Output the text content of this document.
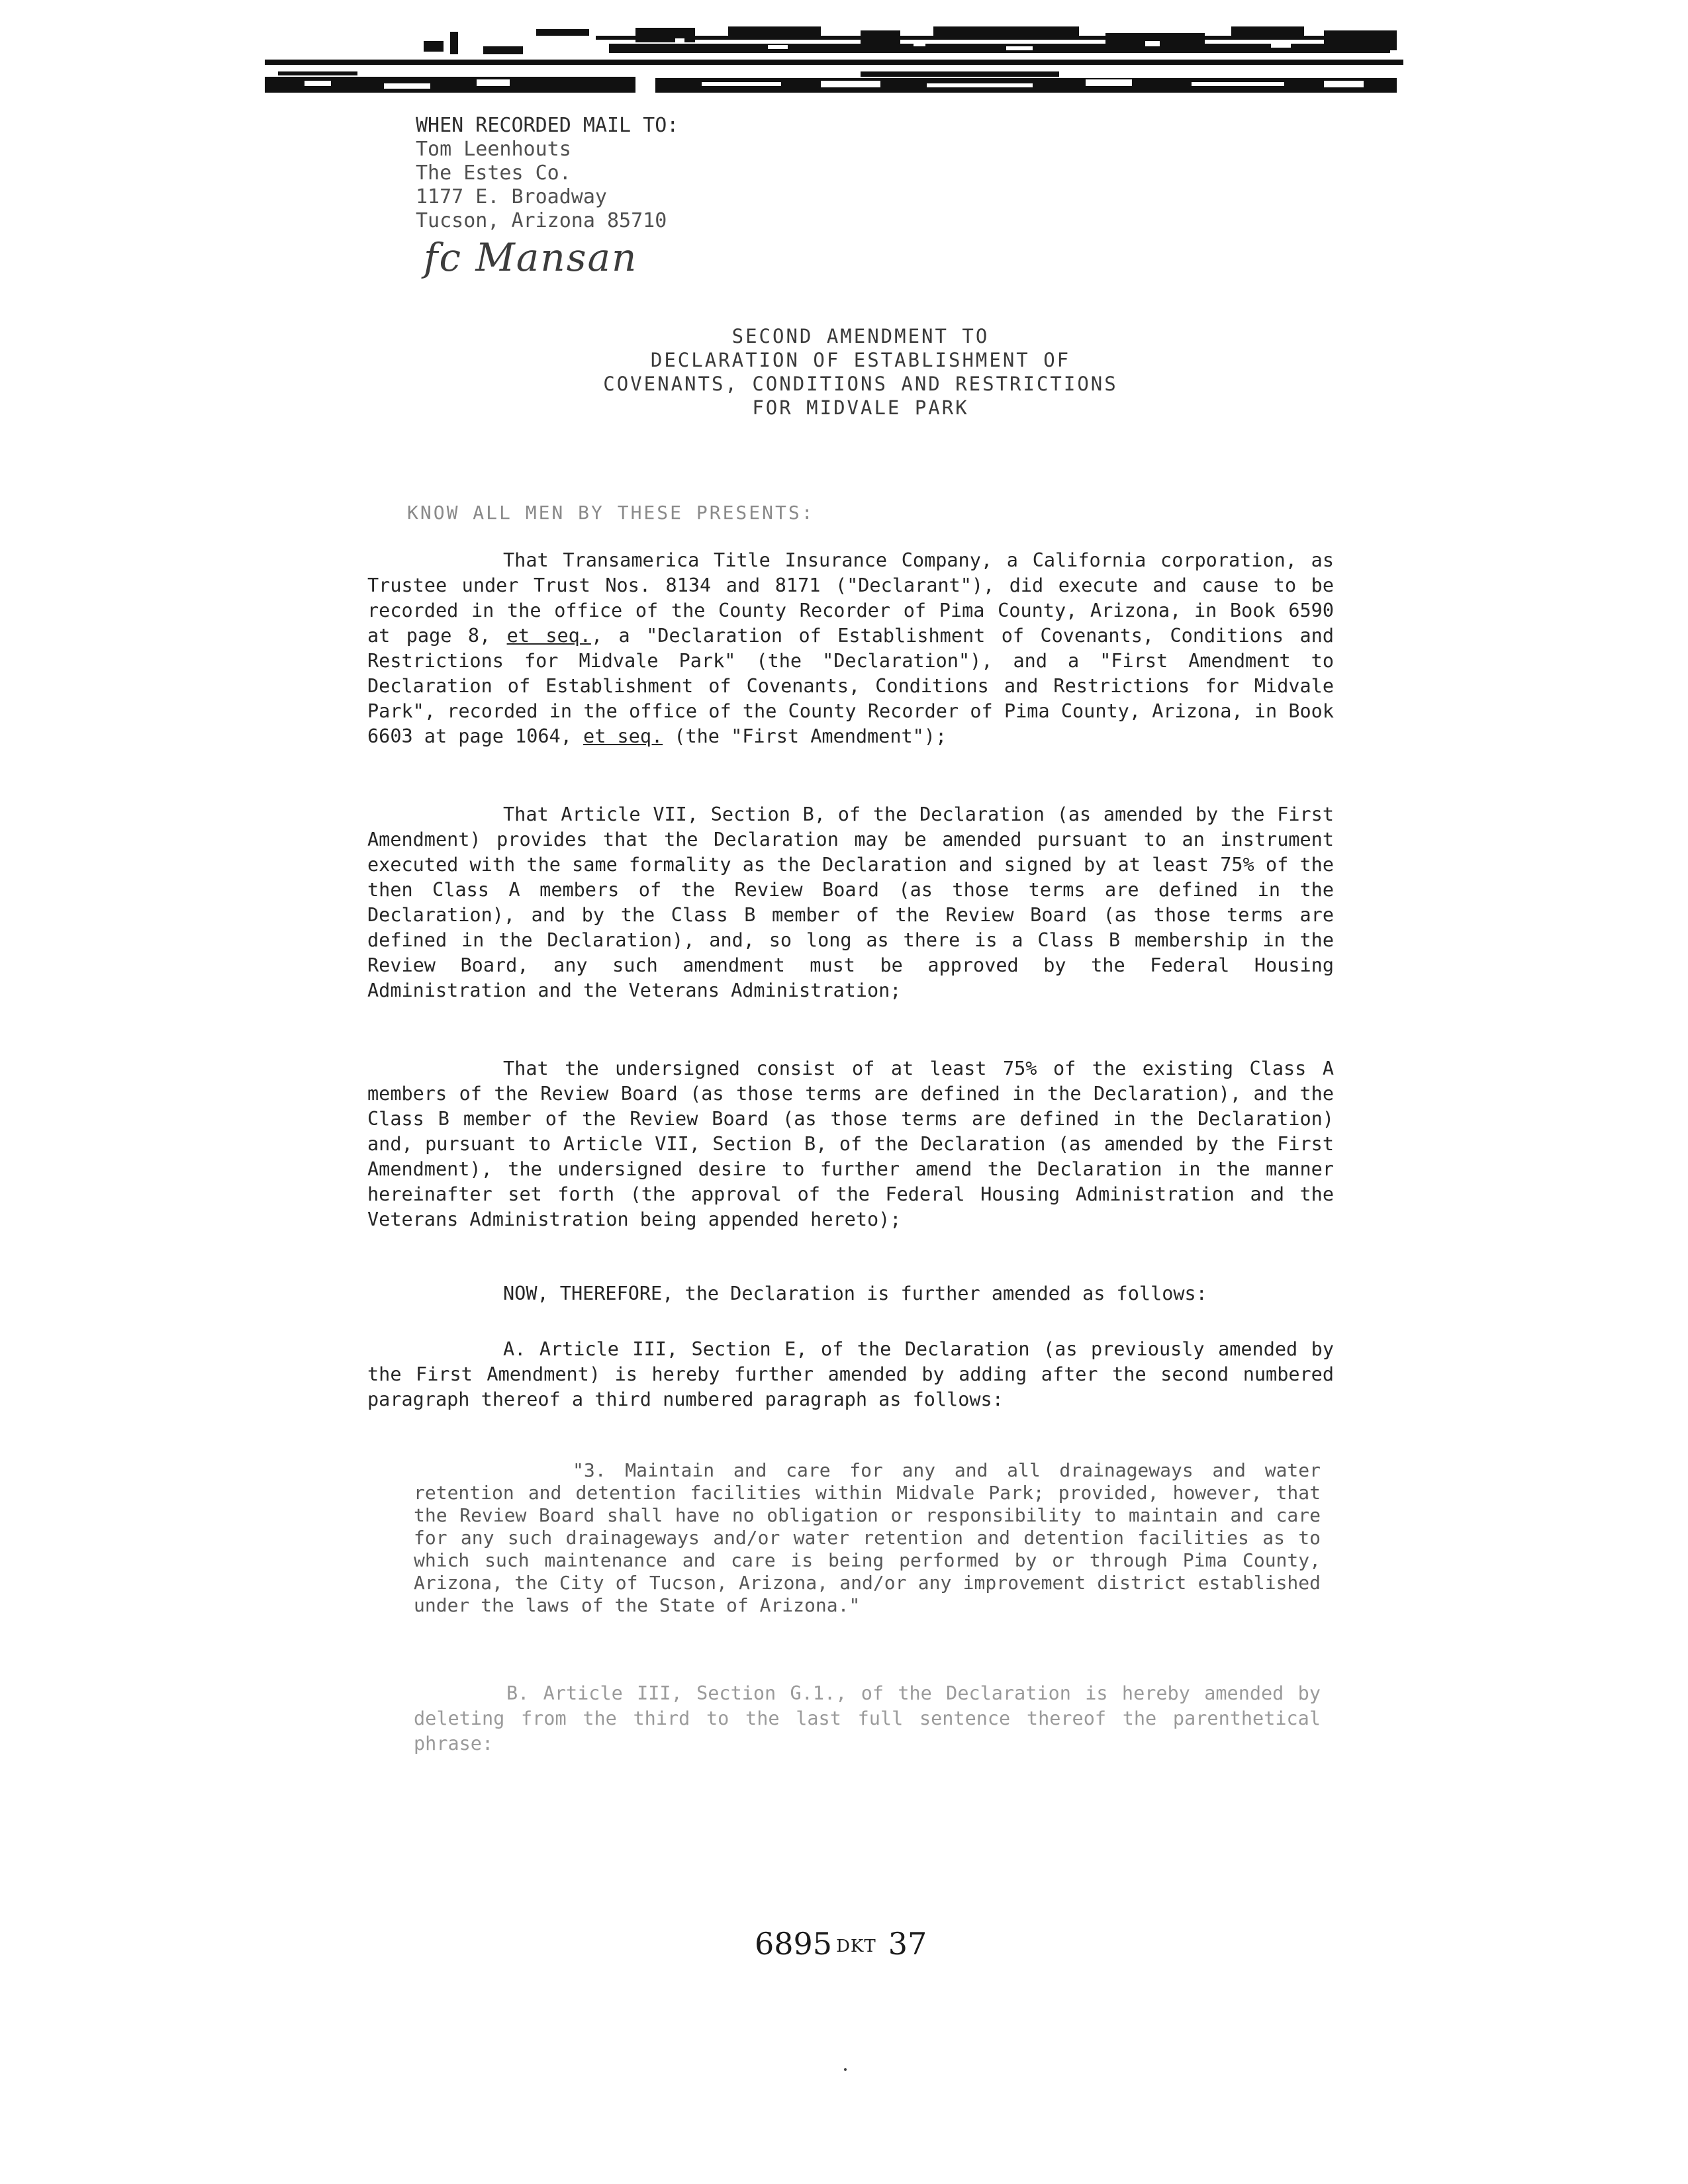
WHEN RECORDED MAIL TO:
Tom Leenhouts
The Estes Co.
1177 E. Broadway
Tucson, Arizona 85710
fc Mansan
SECOND AMENDMENT TO
DECLARATION OF ESTABLISHMENT OF
COVENANTS, CONDITIONS AND RESTRICTIONS
FOR MIDVALE PARK
KNOW ALL MEN BY THESE PRESENTS:

That Transamerica Title Insurance Company, a California corporation, as Trustee under Trust Nos. 8134 and 8171 ("Declarant"), did execute and cause to be recorded in the office of the County Recorder of Pima County, Arizona, in Book 6590 at page 8, et seq., a "Declaration of Establishment of Covenants, Conditions and Restrictions for Midvale Park" (the "Declaration"), and a "First Amendment to Declaration of Establishment of Covenants, Conditions and Restrictions for Midvale Park", recorded in the office of the County Recorder of Pima County, Arizona, in Book 6603 at page 1064, et seq. (the "First Amendment");

That Article VII, Section B, of the Declaration (as amended by the First Amendment) provides that the Declaration may be amended pursuant to an instrument executed with the same formality as the Declaration and signed by at least 75% of the then Class A members of the Review Board (as those terms are defined in the Declaration), and by the Class B member of the Review Board (as those terms are defined in the Declaration), and, so long as there is a Class B membership in the Review Board, any such amendment must be approved by the Federal Housing Administration and the Veterans Administration;

That the undersigned consist of at least 75% of the existing Class A members of the Review Board (as those terms are defined in the Declaration), and the Class B member of the Review Board (as those terms are defined in the Declaration) and, pursuant to Article VII, Section B, of the Declaration (as amended by the First Amendment), the undersigned desire to further amend the Declaration in the manner hereinafter set forth (the approval of the Federal Housing Administration and the Veterans Administration being appended hereto);

NOW, THEREFORE, the Declaration is further amended as follows:

A. Article III, Section E, of the Declaration (as previously amended by the First Amendment) is hereby further amended by adding after the second numbered paragraph thereof a third numbered paragraph as follows:

"3. Maintain and care for any and all drainageways and water retention and detention facilities within Midvale Park; provided, however, that the Review Board shall have no obligation or responsibility to maintain and care for any such drainageways and/or water retention and detention facilities as to which such maintenance and care is being performed by or through Pima County, Arizona, the City of Tucson, Arizona, and/or any improvement district established under the laws of the State of Arizona."

B. Article III, Section G.1., of the Declaration is hereby amended by deleting from the third to the last full sentence thereof the parenthetical phrase:

6895 DKT 37
